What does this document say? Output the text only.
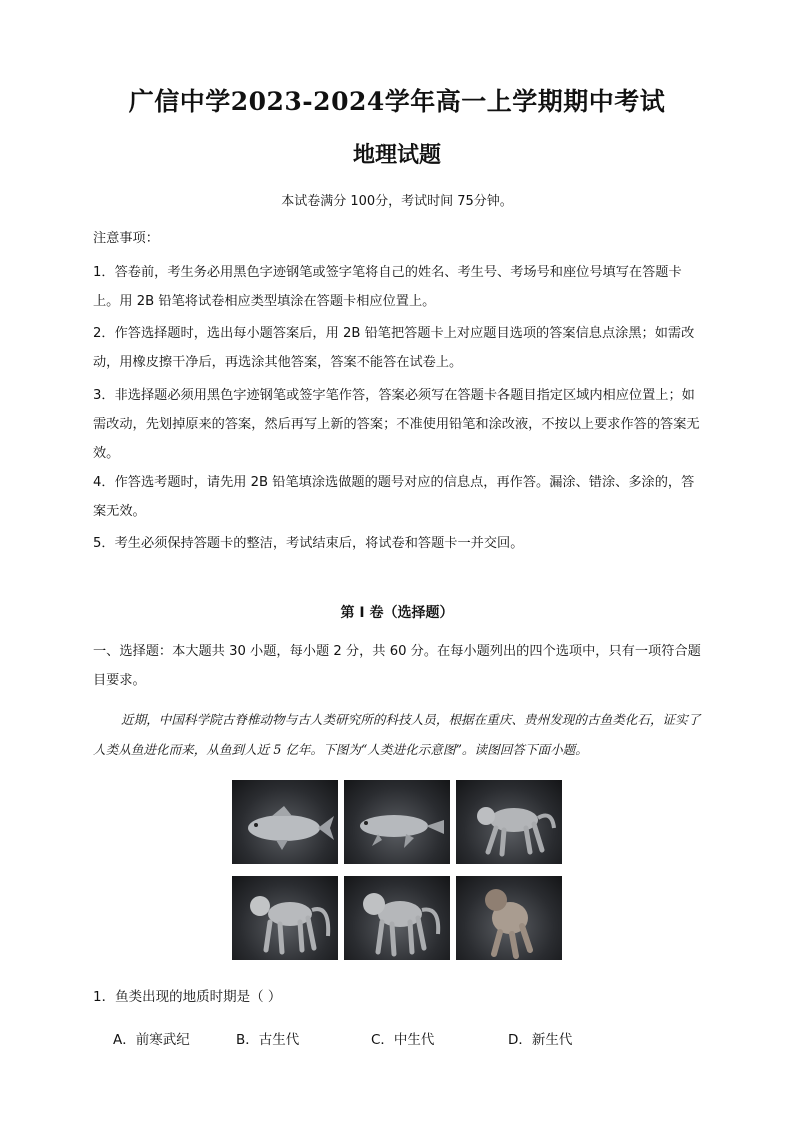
广信中学2023-2024学年高一上学期期中考试
地理试题
本试卷满分 100分，考试时间 75分钟。
注意事项：
1．答卷前，考生务必用黑色字迹钢笔或签字笔将自己的姓名、考生号、考场号和座位号填写在答题卡上。用 2B 铅笔将试卷相应类型填涂在答题卡相应位置上。
2．作答选择题时，选出每小题答案后，用 2B 铅笔把答题卡上对应题目选项的答案信息点涂黑；如需改动，用橡皮擦干净后，再选涂其他答案，答案不能答在试卷上。
3．非选择题必须用黑色字迹钢笔或签字笔作答，答案必须写在答题卡各题目指定区域内相应位置上；如需改动，先划掉原来的答案，然后再写上新的答案；不准使用铅笔和涂改液，不按以上要求作答的答案无效。
4．作答选考题时，请先用 2B 铅笔填涂选做题的题号对应的信息点，再作答。漏涂、错涂、多涂的，答案无效。
5．考生必须保持答题卡的整洁，考试结束后，将试卷和答题卡一并交回。
第 I 卷（选择题）
一、选择题：本大题共 30 小题，每小题 2 分，共 60 分。在每小题列出的四个选项中，只有一项符合题目要求。
近期，中国科学院古脊椎动物与古人类研究所的科技人员，根据在重庆、贵州发现的古鱼类化石，证实了人类从鱼进化而来，从鱼到人近 5 亿年。下图为“人类进化示意图”。读图回答下面小题。
1．鱼类出现的地质时期是（ ）
A．前寒武纪	B．古生代	C．中生代	D．新生代
